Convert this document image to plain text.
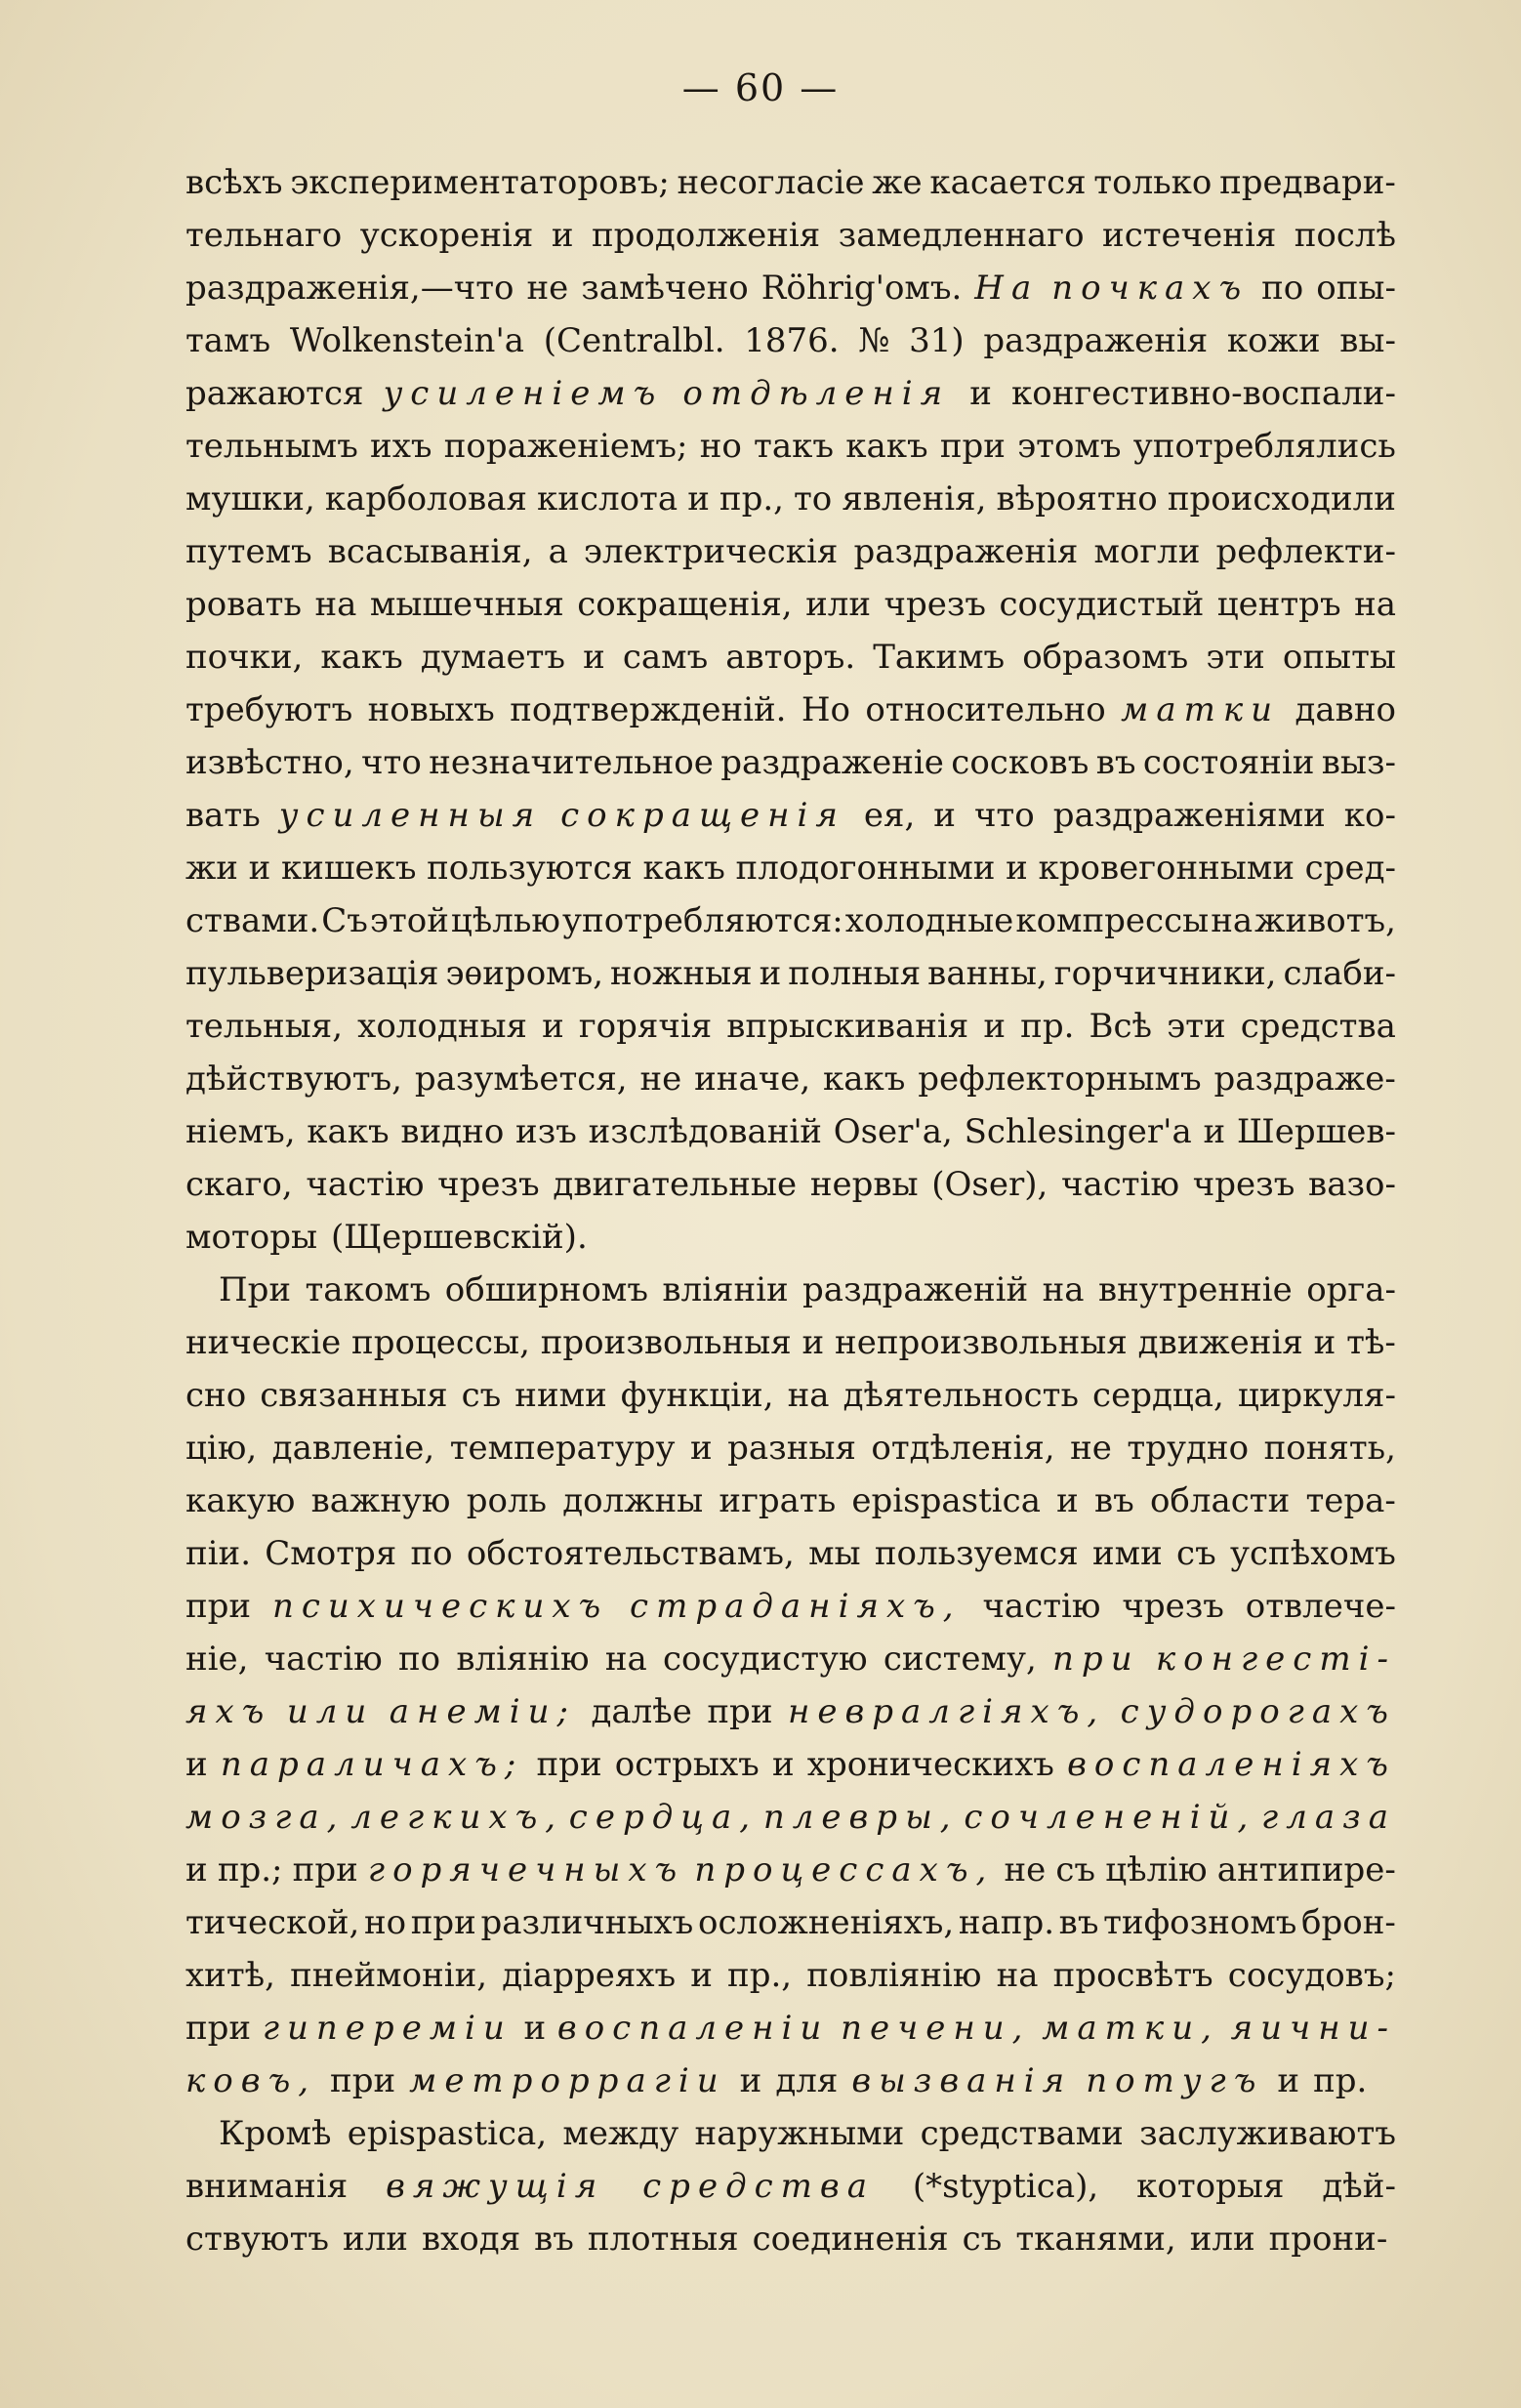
— 60 —
всѣхъ экспериментаторовъ; несогласіе же касается только предвари-
тельнаго ускоренія и продолженія замедленнаго истеченія послѣ
раздраженія,—что не замѣчено Röhrig'омъ. На почкахъ по опы-
тамъ Wolkenstein'a (Centralbl. 1876. № 31) раздраженія кожи вы-
ражаются усиленіемъ отдѣленія и конгестивно-воспали-
тельнымъ ихъ пораженіемъ; но такъ какъ при этомъ употреблялись
мушки, карболовая кислота и пр., то явленія, вѣроятно происходили
путемъ всасыванія, а электрическія раздраженія могли рефлекти-
ровать на мышечныя сокращенія, или чрезъ сосудистый центръ на
почки, какъ думаетъ и самъ авторъ. Такимъ образомъ эти опыты
требуютъ новыхъ подтвержденій. Но относительно матки давно
извѣстно, что незначительное раздраженіе сосковъ въ состояніи выз-
вать усиленныя сокращенія ея, и что раздраженіями ко-
жи и кишекъ пользуются какъ плодогонными и кровегонными сред-
ствами. Съ этой цѣлью употребляются: холодные компрессы на животъ,
пульверизація эѳиромъ, ножныя и полныя ванны, горчичники, слаби-
тельныя, холодныя и горячія впрыскиванія и пр. Всѣ эти средства
дѣйствуютъ, разумѣется, не иначе, какъ рефлекторнымъ раздраже-
ніемъ, какъ видно изъ изслѣдованій Oser'a, Schlesinger'a и Шершев-
скаго, частію чрезъ двигательные нервы (Oser), частію чрезъ вазо-
моторы (Щершевскій).
При такомъ обширномъ вліяніи раздраженій на внутренніе орга-
ническіе процессы, произвольныя и непроизвольныя движенія и тѣ-
сно связанныя съ ними функціи, на дѣятельность сердца, циркуля-
цію, давленіе, температуру и разныя отдѣленія, не трудно понять,
какую важную роль должны играть epispastica и въ области тера-
піи. Смотря по обстоятельствамъ, мы пользуемся ими съ успѣхомъ
при психическихъ страданіяхъ, частію чрезъ отвлече-
ніе, частію по вліянію на сосудистую систему, при конгесті-
яхъ или анеміи; далѣе при невралгіяхъ, судорогахъ
и параличахъ; при острыхъ и хроническихъ воспаленіяхъ
мозга, легкихъ, сердца, плевры, сочлененій, глаза
и пр.; при горячечныхъ процессахъ, не съ цѣлію антипире-
тической, но при различныхъ осложненіяхъ, напр. въ тифозномъ брон-
хитѣ, пнеймоніи, діарреяхъ и пр., повліянію на просвѣтъ сосудовъ;
при гипереміи и воспаленіи печени, матки, яични-
ковъ, при метроррагіи и для вызванія потугъ и пр.
Кромѣ epispastica, между наружными средствами заслуживаютъ
вниманія вяжущія средства (*styptica), которыя дѣй-
ствуютъ или входя въ плотныя соединенія съ тканями, или прони-
